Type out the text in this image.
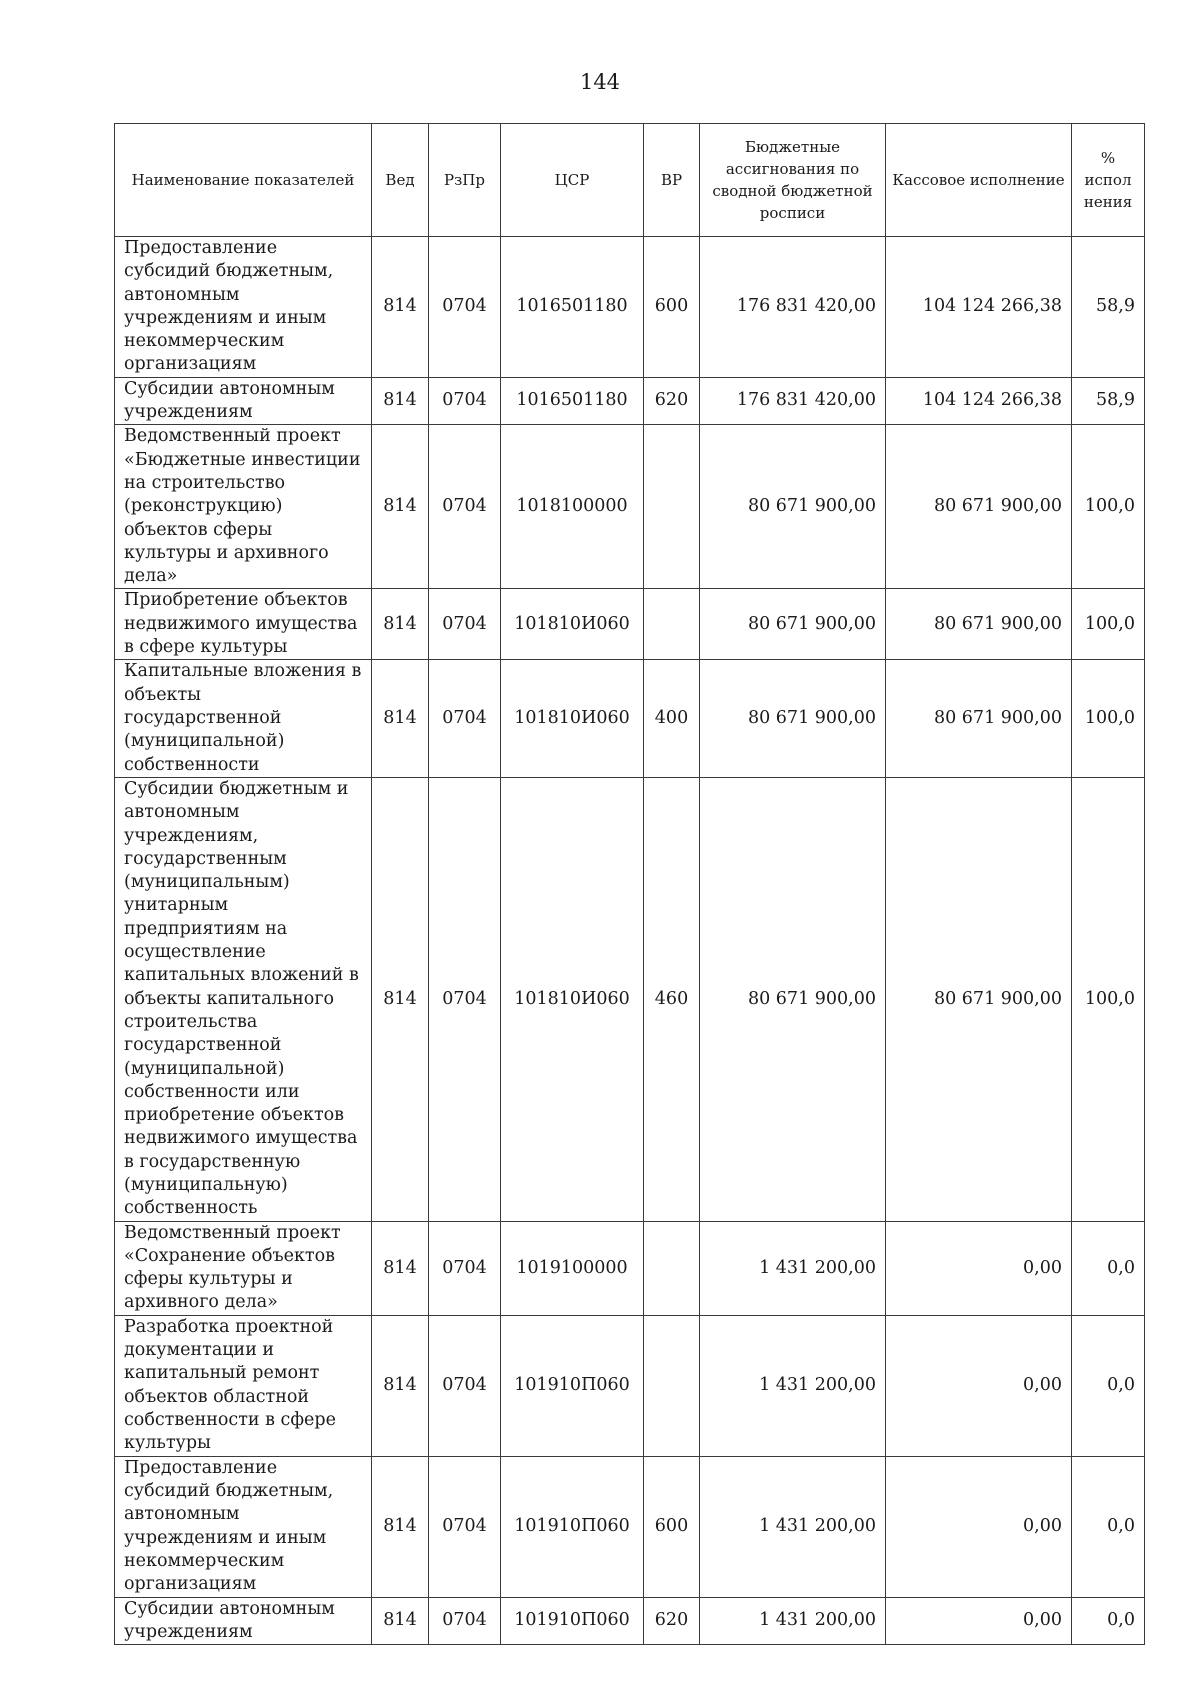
144
Наименование показателей	Вед	РзПр	ЦСР	ВР	Бюджетные ассигнования по сводной бюджетной росписи	Кассовое исполнение	% испол нения
Предоставление субсидий бюджетным, автономным учреждениям и иным некоммерческим организациям	814	0704	1016501180	600	176 831 420,00	104 124 266,38	58,9
Субсидии автономным учреждениям	814	0704	1016501180	620	176 831 420,00	104 124 266,38	58,9
Ведомственный проект «Бюджетные инвестиции на строительство (реконструкцию) объектов сферы культуры и архивного дела»	814	0704	1018100000		80 671 900,00	80 671 900,00	100,0
Приобретение объектов недвижимого имущества в сфере культуры	814	0704	101810И060		80 671 900,00	80 671 900,00	100,0
Капитальные вложения в объекты государственной (муниципальной) собственности	814	0704	101810И060	400	80 671 900,00	80 671 900,00	100,0
Субсидии бюджетным и автономным учреждениям, государственным (муниципальным) унитарным предприятиям на осуществление капитальных вложений в объекты капитального строительства государственной (муниципальной) собственности или приобретение объектов недвижимого имущества в государственную (муниципальную) собственность	814	0704	101810И060	460	80 671 900,00	80 671 900,00	100,0
Ведомственный проект «Сохранение объектов сферы культуры и архивного дела»	814	0704	1019100000		1 431 200,00	0,00	0,0
Разработка проектной документации и капитальный ремонт объектов областной собственности в сфере культуры	814	0704	101910П060		1 431 200,00	0,00	0,0
Предоставление субсидий бюджетным, автономным учреждениям и иным некоммерческим организациям	814	0704	101910П060	600	1 431 200,00	0,00	0,0
Субсидии автономным учреждениям	814	0704	101910П060	620	1 431 200,00	0,00	0,0
